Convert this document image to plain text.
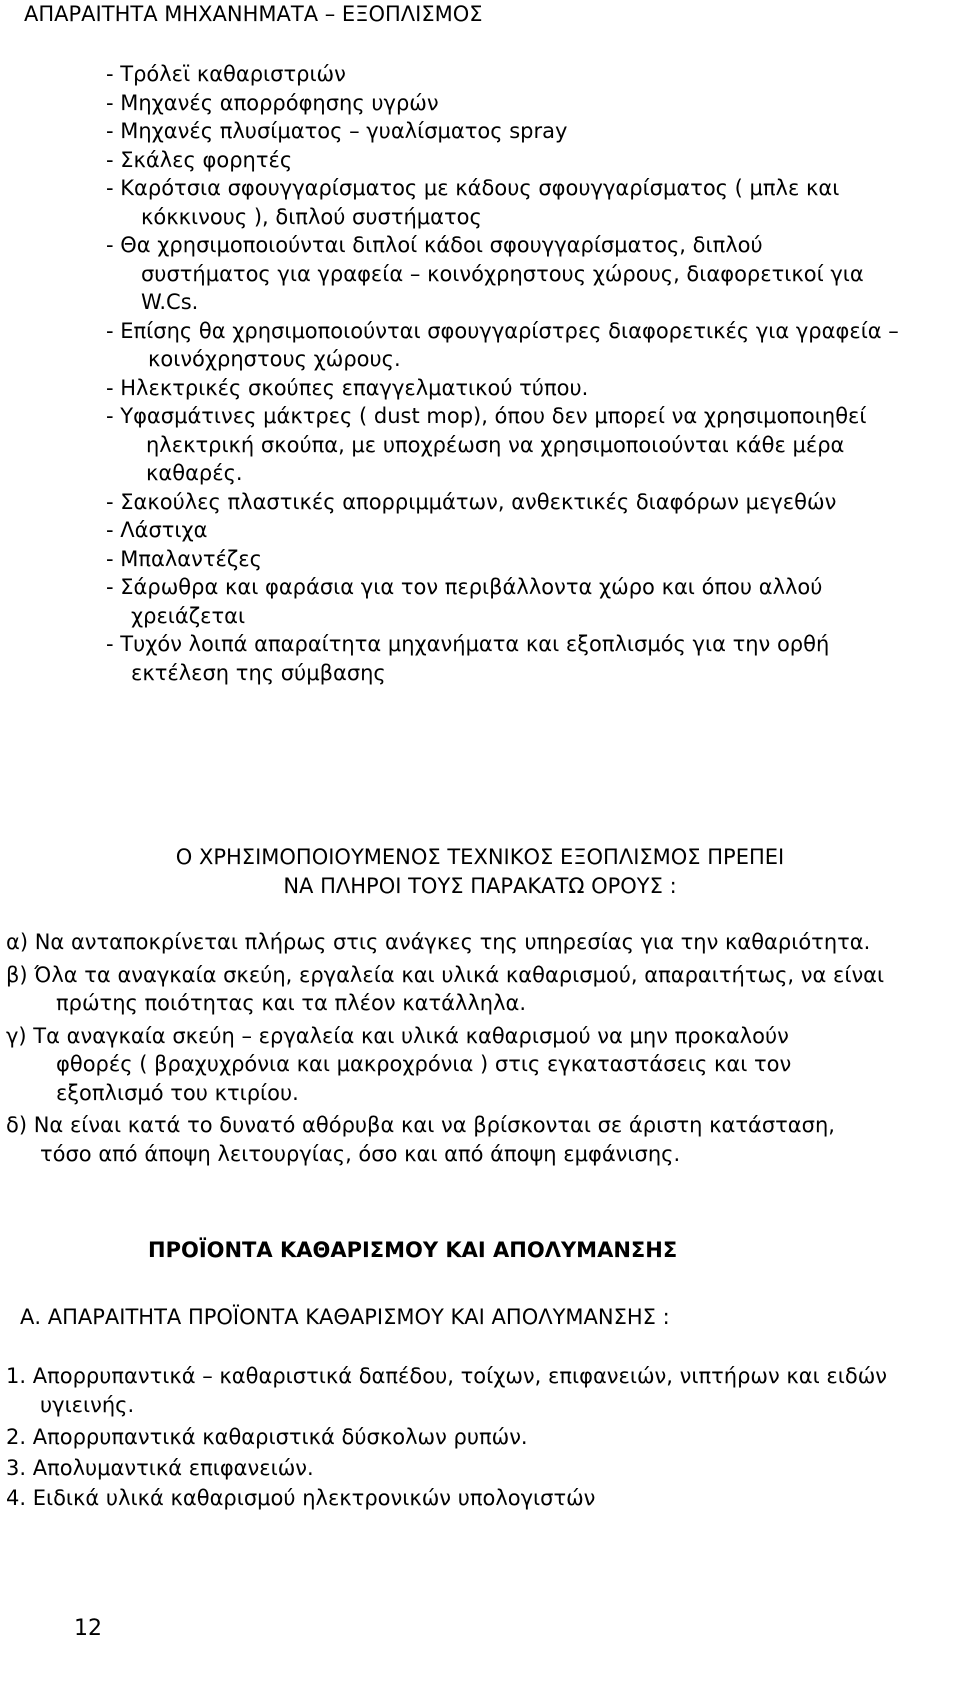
ΑΠΑΡΑΙΤΗΤΑ ΜΗΧΑΝΗΜΑΤΑ – ΕΞΟΠΛΙΣΜΟΣ
- Τρόλεϊ καθαριστριών
- Μηχανές απορρόφησης υγρών
- Μηχανές πλυσίματος – γυαλίσματος spray
- Σκάλες φορητές
- Καρότσια σφουγγαρίσματος με κάδους σφουγγαρίσματος ( μπλε και
κόκκινους ), διπλού συστήματος
- Θα χρησιμοποιούνται διπλοί κάδοι σφουγγαρίσματος, διπλού
συστήματος για γραφεία – κοινόχρηστους χώρους, διαφορετικοί για
W.Cs.
- Επίσης θα χρησιμοποιούνται σφουγγαρίστρες διαφορετικές για γραφεία –
κοινόχρηστους χώρους.
- Ηλεκτρικές σκούπες επαγγελματικού τύπου.
- Υφασμάτινες μάκτρες ( dust mop), όπου δεν μπορεί να χρησιμοποιηθεί
ηλεκτρική σκούπα, με υποχρέωση να χρησιμοποιούνται κάθε μέρα
καθαρές.
- Σακούλες πλαστικές απορριμμάτων, ανθεκτικές διαφόρων μεγεθών
- Λάστιχα
- Μπαλαντέζες
- Σάρωθρα και φαράσια για τον περιβάλλοντα χώρο και όπου αλλού
χρειάζεται
- Τυχόν λοιπά απαραίτητα μηχανήματα και εξοπλισμός για την ορθή
εκτέλεση της σύμβασης
Ο ΧΡΗΣΙΜΟΠΟΙΟΥΜΕΝΟΣ ΤΕΧΝΙΚΟΣ ΕΞΟΠΛΙΣΜΟΣ ΠΡΕΠΕΙ
ΝΑ ΠΛΗΡΟΙ ΤΟΥΣ ΠΑΡΑΚΑΤΩ ΟΡΟΥΣ :
α) Να ανταποκρίνεται πλήρως στις ανάγκες της υπηρεσίας για την καθαριότητα.
β) Όλα τα αναγκαία σκεύη, εργαλεία και υλικά καθαρισμού, απαραιτήτως, να είναι
πρώτης ποιότητας και τα πλέον κατάλληλα.
γ) Τα αναγκαία σκεύη – εργαλεία και υλικά καθαρισμού να μην προκαλούν
φθορές ( βραχυχρόνια και μακροχρόνια ) στις εγκαταστάσεις και τον
εξοπλισμό του κτιρίου.
δ) Να είναι κατά το δυνατό αθόρυβα και να βρίσκονται σε άριστη κατάσταση,
τόσο από άποψη λειτουργίας, όσο και από άποψη εμφάνισης.
ΠΡΟΪΟΝΤΑ ΚΑΘΑΡΙΣΜΟΥ ΚΑΙ ΑΠΟΛΥΜΑΝΣΗΣ
Α. ΑΠΑΡΑΙΤΗΤΑ ΠΡΟΪΟΝΤΑ ΚΑΘΑΡΙΣΜΟΥ ΚΑΙ ΑΠΟΛΥΜΑΝΣΗΣ :
1. Απορρυπαντικά – καθαριστικά δαπέδου, τοίχων, επιφανειών, νιπτήρων και ειδών
υγιεινής.
2. Απορρυπαντικά καθαριστικά δύσκολων ρυπών.
3. Απολυμαντικά επιφανειών.
4. Ειδικά υλικά καθαρισμού ηλεκτρονικών υπολογιστών
12
